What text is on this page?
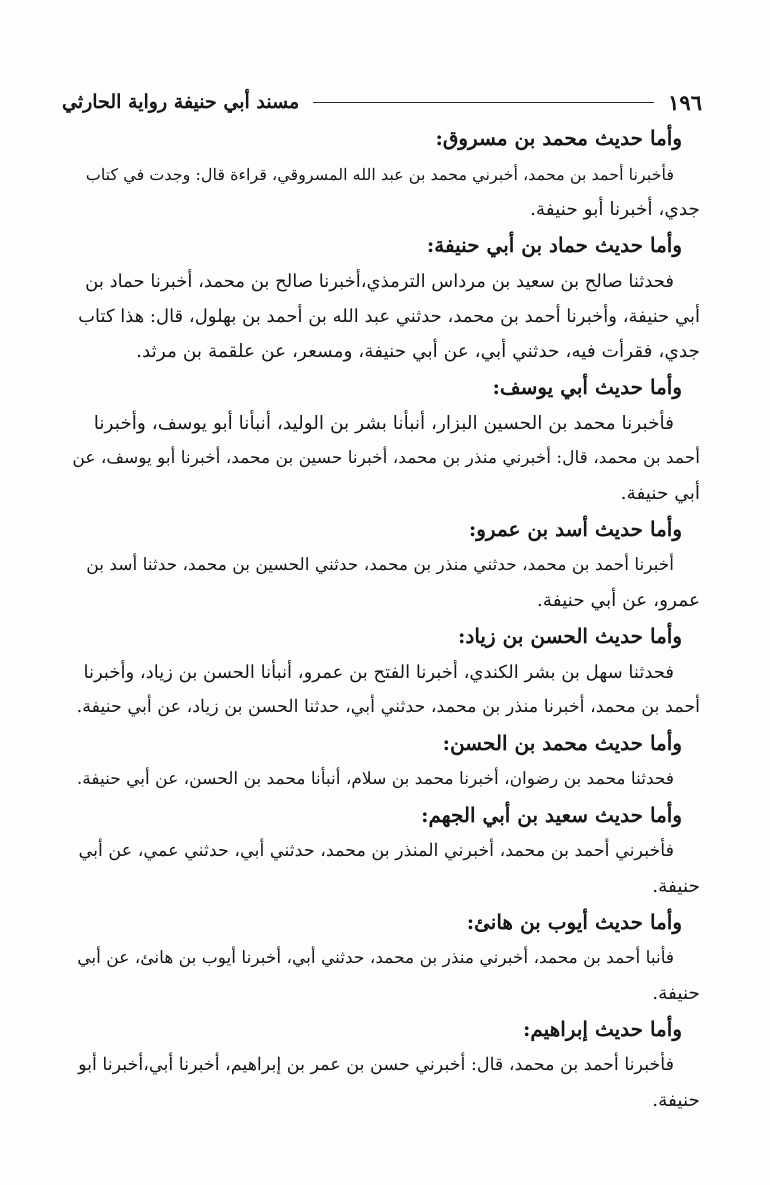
١٩٦
مسند أبي حنيفة رواية الحارثي

وأما حديث محمد بن مسروق:

فأخبرنا أحمد بن محمد، أخبرني محمد بن عبد الله المسروقي، قراءة قال: وجدت في كتاب
جدي، أخبرنا أبو حنيفة.

وأما حديث حماد بن أبي حنيفة:

فحدثنا صالح بن سعيد بن مرداس الترمذي،أخبرنا صالح بن محمد، أخبرنا حماد بن
أبي حنيفة، وأخبرنا أحمد بن محمد، حدثني عبد الله بن أحمد بن بهلول، قال: هذا كتاب
جدي، فقرأت فيه، حدثني أبي، عن أبي حنيفة، ومسعر، عن علقمة بن مرثد.

وأما حديث أبي يوسف:

فأخبرنا محمد بن الحسين البزار، أنبأنا بشر بن الوليد، أنبأنا أبو يوسف، وأخبرنا
أحمد بن محمد، قال: أخبرني منذر بن محمد، أخبرنا حسين بن محمد، أخبرنا أبو يوسف، عن
أبي حنيفة.

وأما حديث أسد بن عمرو:

أخبرنا أحمد بن محمد، حدثني منذر بن محمد، حدثني الحسين بن محمد، حدثنا أسد بن
عمرو، عن أبي حنيفة.

وأما حديث الحسن بن زياد:

فحدثنا سهل بن بشر الكندي، أخبرنا الفتح بن عمرو، أنبأنا الحسن بن زياد، وأخبرنا
أحمد بن محمد، أخبرنا منذر بن محمد، حدثني أبي، حدثنا الحسن بن زياد، عن أبي حنيفة.

وأما حديث محمد بن الحسن:

فحدثنا محمد بن رضوان، أخبرنا محمد بن سلام، أنبأنا محمد بن الحسن، عن أبي حنيفة.

وأما حديث سعيد بن أبي الجهم:

فأخبرني أحمد بن محمد، أخبرني المنذر بن محمد، حدثني أبي، حدثني عمي، عن أبي
حنيفة.

وأما حديث أيوب بن هانئ:

فأنبا أحمد بن محمد، أخبرني منذر بن محمد، حدثني أبي، أخبرنا أيوب بن هانئ، عن أبي
حنيفة.

وأما حديث إبراهيم:

فأخبرنا أحمد بن محمد، قال: أخبرني حسن بن عمر بن إبراهيم، أخبرنا أبي،أخبرنا أبو
حنيفة.
